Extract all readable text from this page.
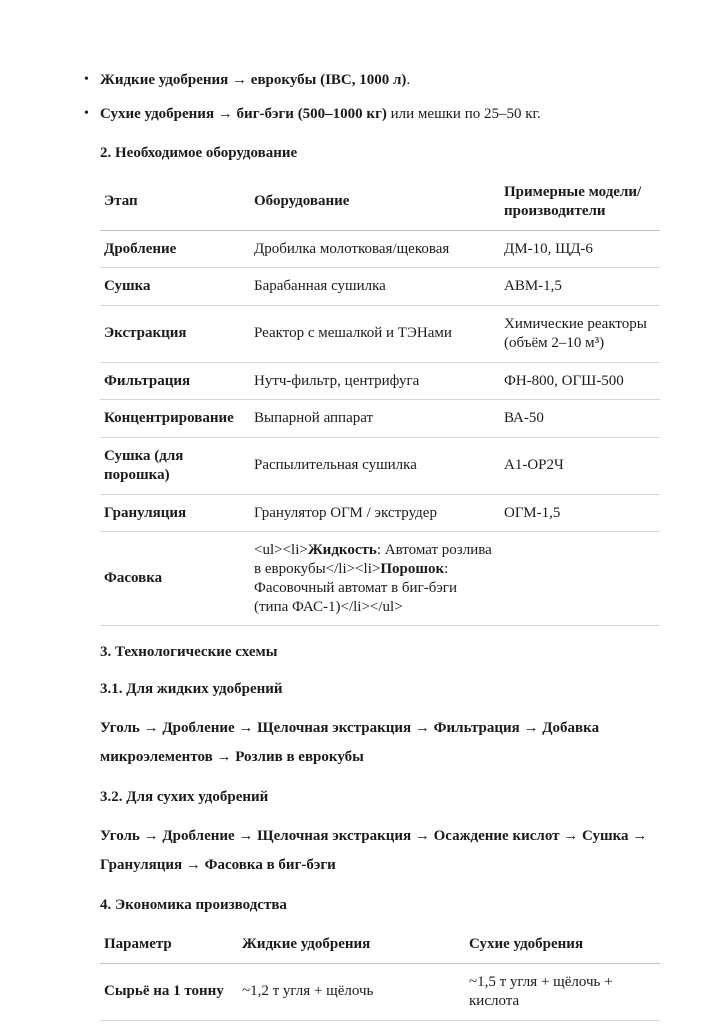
• Жидкие удобрения → еврокубы (IBC, 1000 л).
• Сухие удобрения → биг-бэги (500–1000 кг) или мешки по 25–50 кг.

2. Необходимое оборудование

Этап	Оборудование	Примерные модели/производители
Дробление	Дробилка молотковая/щековая	ДМ-10, ЩД-6
Сушка	Барабанная сушилка	АВМ-1,5
Экстракция	Реактор с мешалкой и ТЭНами	Химические реакторы (объём 2–10 м³)
Фильтрация	Нутч-фильтр, центрифуга	ФН-800, ОГШ-500
Концентрирование	Выпарной аппарат	ВА-50
Сушка (для порошка)	Распылительная сушилка	А1-ОР2Ч
Грануляция	Гранулятор ОГМ / экструдер	ОГМ-1,5
Фасовка	<ul><li>Жидкость: Автомат розлива в еврокубы</li><li>Порошок: Фасовочный автомат в биг-бэги (типа ФАС-1)</li></ul>	

3. Технологические схемы

3.1. Для жидких удобрений

Уголь → Дробление → Щелочная экстракция → Фильтрация → Добавка микроэлементов → Розлив в еврокубы

3.2. Для сухих удобрений

Уголь → Дробление → Щелочная экстракция → Осаждение кислот → Сушка → Грануляция → Фасовка в биг-бэги

4. Экономика производства

Параметр	Жидкие удобрения	Сухие удобрения
Сырьё на 1 тонну	~1,2 т угля + щёлочь	~1,5 т угля + щёлочь + кислота
